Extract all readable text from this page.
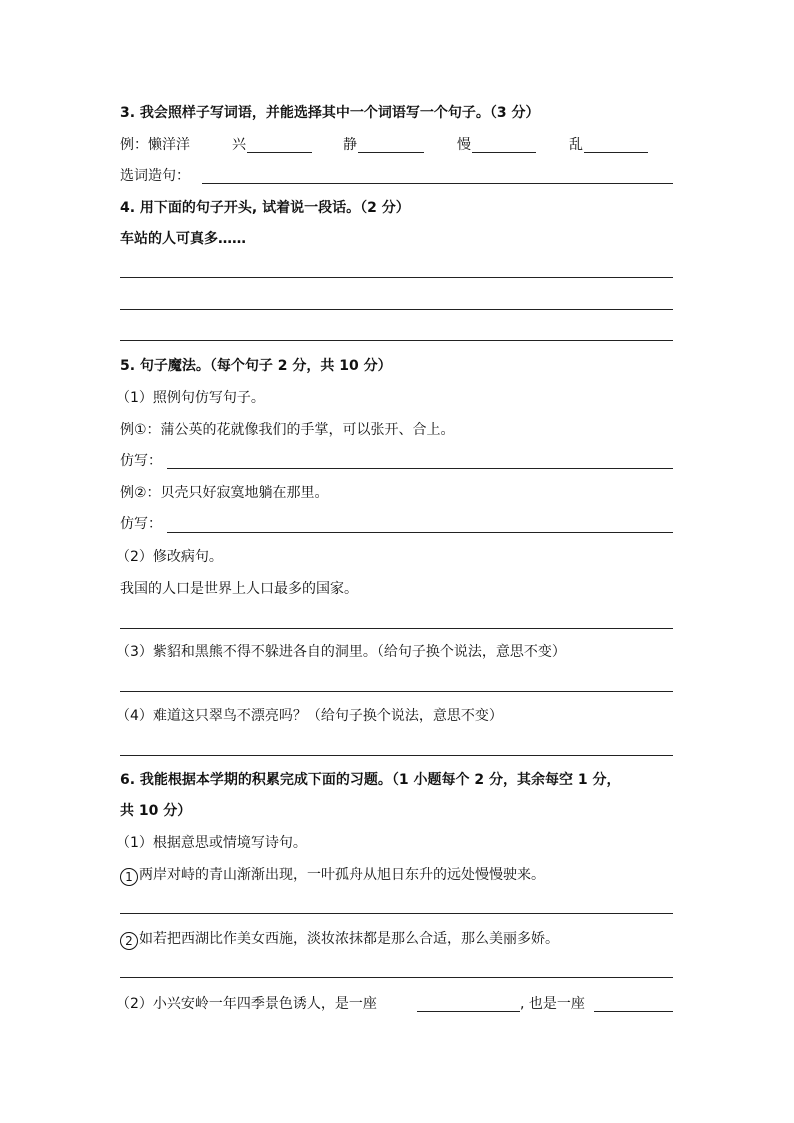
3. 我会照样子写词语，并能选择其中一个词语写一个句子。（3 分）
例：懒洋洋	兴	静	慢	乱
选词造句：
4. 用下面的句子开头, 试着说一段话。（2 分）
车站的人可真多……
5. 句子魔法。（每个句子 2 分，共 10 分）
（1）照例句仿写句子。
例①：蒲公英的花就像我们的手掌，可以张开、合上。
仿写：
例②：贝壳只好寂寞地躺在那里。
仿写：
（2）修改病句。
我国的人口是世界上人口最多的国家。
（3）紫貂和黑熊不得不躲进各自的洞里。（给句子换个说法，意思不变）
（4）难道这只翠鸟不漂亮吗？（给句子换个说法，意思不变）
6. 我能根据本学期的积累完成下面的习题。（1 小题每个 2 分，其余每空 1 分，
共 10 分）
（1）根据意思或情境写诗句。
1 两岸对峙的青山渐渐出现，一叶孤舟从旭日东升的远处慢慢驶来。
2 如若把西湖比作美女西施，淡妆浓抹都是那么合适，那么美丽多娇。
（2）小兴安岭一年四季景色诱人，是一座	, 也是一座
